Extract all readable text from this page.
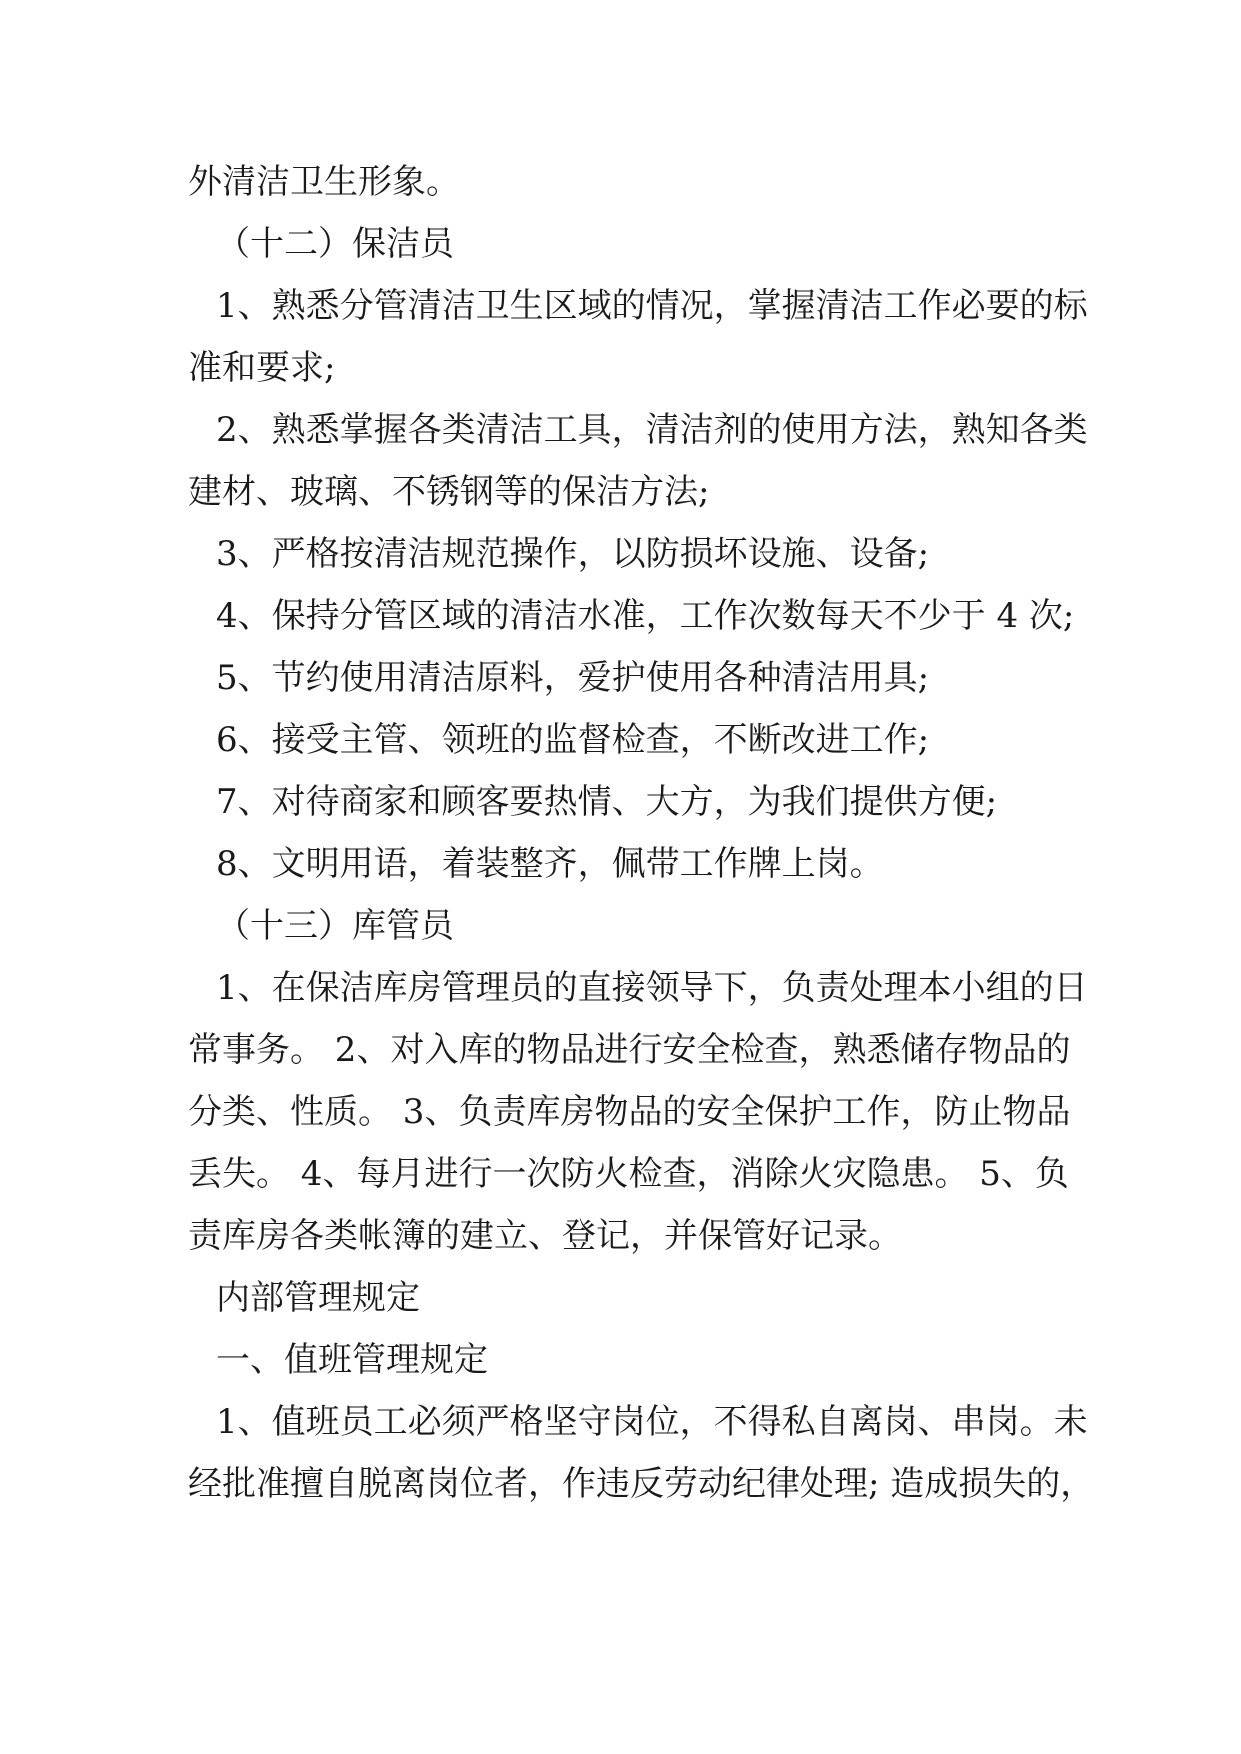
外清洁卫生形象。
（十二）保洁员
1、熟悉分管清洁卫生区域的情况，掌握清洁工作必要的标
准和要求;
2、熟悉掌握各类清洁工具，清洁剂的使用方法，熟知各类
建材、玻璃、不锈钢等的保洁方法;
3、严格按清洁规范操作，以防损坏设施、设备;
4、保持分管区域的清洁水准，工作次数每天不少于 4 次;
5、节约使用清洁原料，爱护使用各种清洁用具;
6、接受主管、领班的监督检查，不断改进工作;
7、对待商家和顾客要热情、大方，为我们提供方便;
8、文明用语，着装整齐，佩带工作牌上岗。
（十三）库管员
1、在保洁库房管理员的直接领导下，负责处理本小组的日
常事务。 2、对入库的物品进行安全检查，熟悉储存物品的
分类、性质。 3、负责库房物品的安全保护工作，防止物品
丢失。 4、每月进行一次防火检查，消除火灾隐患。 5、负
责库房各类帐簿的建立、登记，并保管好记录。
内部管理规定
一、值班管理规定
1、值班员工必须严格坚守岗位，不得私自离岗、串岗。未
经批准擅自脱离岗位者，作违反劳动纪律处理; 造成损失的，
